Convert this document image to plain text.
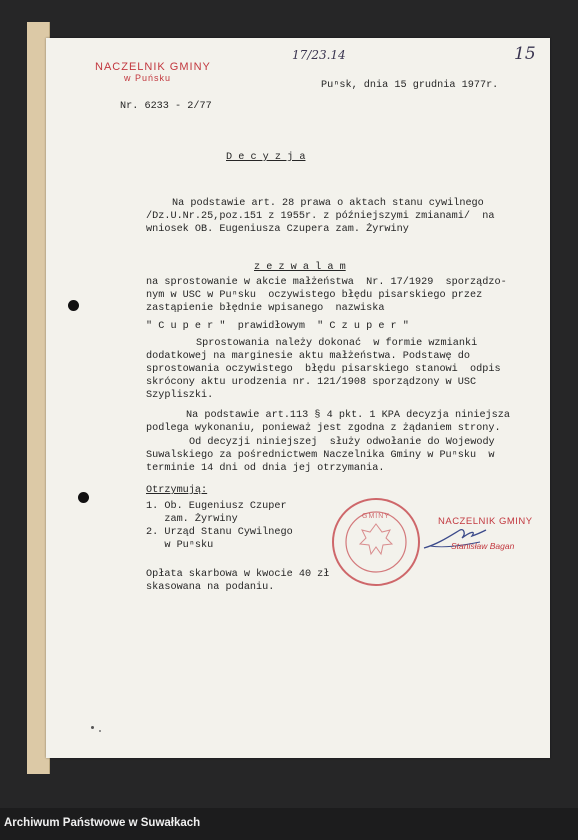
NACZELNIK GMINY
w Puńsku
17/23.14	15
Puⁿsk, dnia 15 grudnia 1977r.
Nr. 6233 - 2/77
D e c y z j a
Na podstawie art. 28 prawa o aktach stanu cywilnego
/Dz.U.Nr.25,poz.151 z 1955r. z późniejszymi zmianami/  na
wniosek OB. Eugeniusza Czupera zam. Żyrwiny
z e z w a l a m
na sprostowanie w akcie małżeństwa  Nr. 17/1929  sporządzo-
nym w USC w Puⁿsku  oczywistego błędu pisarskiego przez
zastąpienie błędnie wpisanego  nazwiska
" C u p e r "  prawidłowym  " C z u p e r "
Sprostowania należy dokonać  w formie wzmianki
dodatkowej na marginesie aktu małżeństwa. Podstawę do
sprostowania oczywistego  błędu pisarskiego stanowi  odpis
skrócony aktu urodzenia nr. 121/1908 sporządzony w USC
Szypliszki.
Na podstawie art.113 § 4 pkt. 1 KPA decyzja niniejsza
podlega wykonaniu, ponieważ jest zgodna z żądaniem strony.
Od decyzji niniejszej  służy odwołanie do Wojewody
Suwalskiego za pośrednictwem Naczelnika Gminy w Puⁿsku  w
terminie 14 dni od dnia jej otrzymania.
Otrzymują:
1. Ob. Eugeniusz Czuper
zam. Żyrwiny
2. Urząd Stanu Cywilnego
w Puⁿsku
Opłata skarbowa w kwocie 40 zł
skasowana na podaniu.
GMINY	NACZELNIK GMINY
Stanisław Bagan
Archiwum Państwowe w Suwałkach
